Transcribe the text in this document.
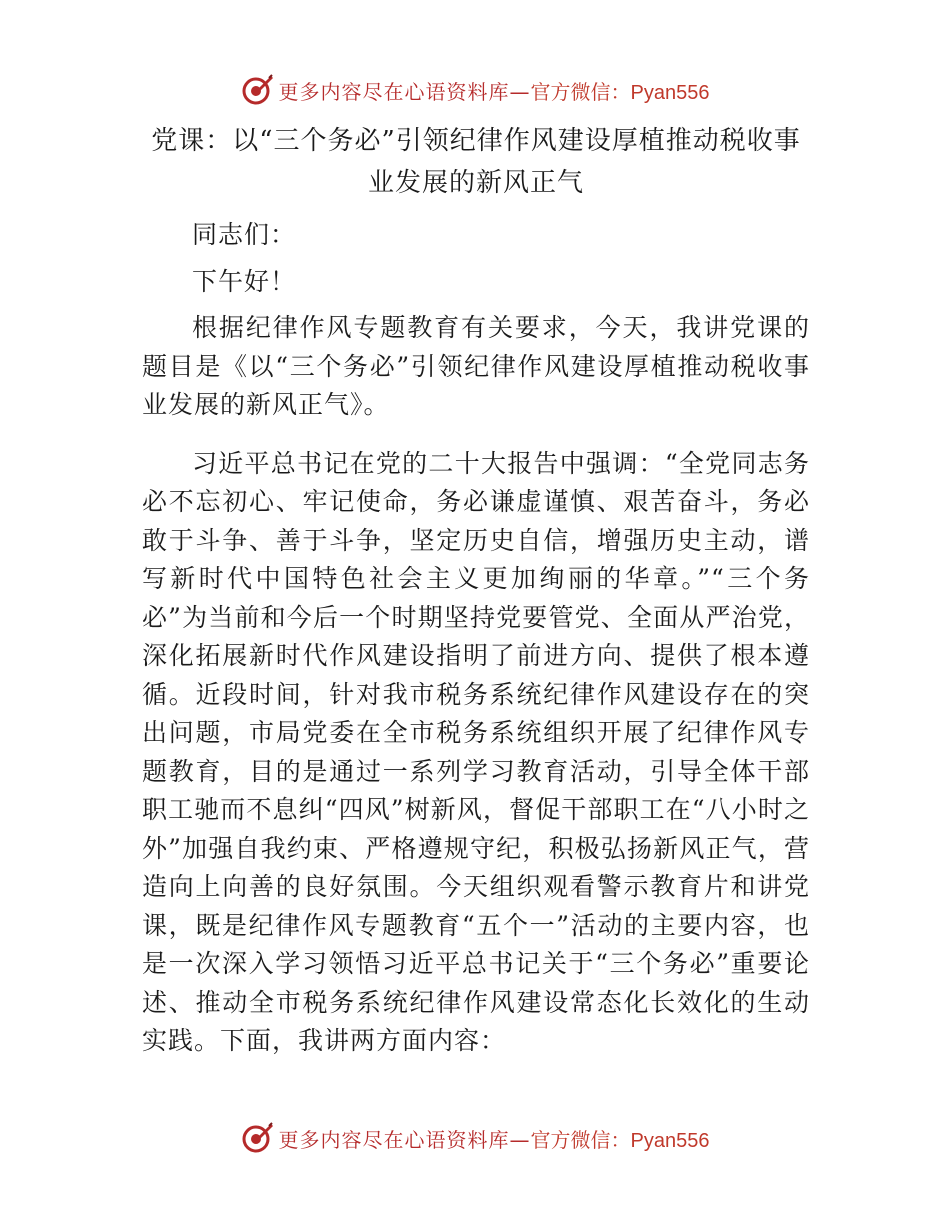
更多内容尽在心语资料库— 官方微信：Pyan556
党课：以“三个务必”引领纪律作风建设厚植推动税收事业发展的新风正气

同志们：

下午好！

根据纪律作风专题教育有关要求，今天，我讲党课的题目是《以“三个务必”引领纪律作风建设厚植推动税收事业发展的新风正气》。

习近平总书记在党的二十大报告中强调：“全党同志务必不忘初心、牢记使命，务必谦虚谨慎、艰苦奋斗，务必敢于斗争、善于斗争，坚定历史自信，增强历史主动，谱写新时代中国特色社会主义更加绚丽的华章。”“三个务必”为当前和今后一个时期坚持党要管党、全面从严治党，深化拓展新时代作风建设指明了前进方向、提供了根本遵循。近段时间，针对我市税务系统纪律作风建设存在的突出问题，市局党委在全市税务系统组织开展了纪律作风专题教育，目的是通过一系列学习教育活动，引导全体干部职工驰而不息纠“四风”树新风，督促干部职工在“八小时之外”加强自我约束、严格遵规守纪，积极弘扬新风正气，营造向上向善的良好氛围。今天组织观看警示教育片和讲党课，既是纪律作风专题教育“五个一”活动的主要内容，也是一次深入学习领悟习近平总书记关于“三个务必”重要论述、推动全市税务系统纪律作风建设常态化长效化的生动实践。下面，我讲两方面内容：

更多内容尽在心语资料库— 官方微信：Pyan556
